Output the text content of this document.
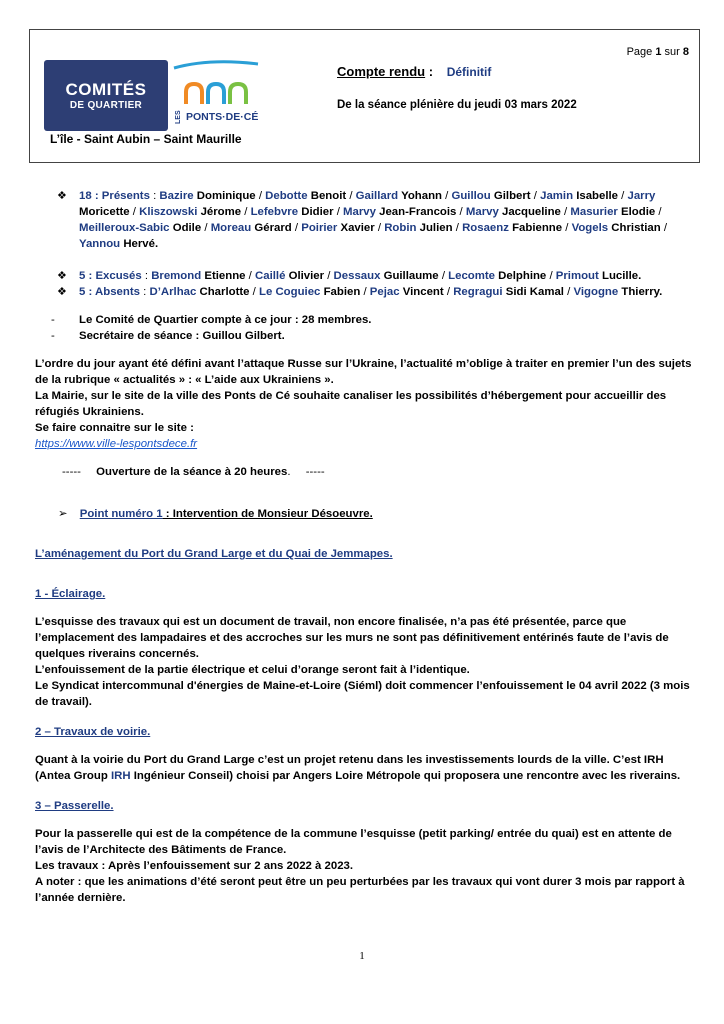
Page 1 sur 8
COMITÉS
DE QUARTIER
LES PONTS·DE·CÉ
L’île - Saint Aubin – Saint Maurille
Compte rendu : Définitif
De la séance plénière du jeudi 03 mars 2022
❖ 18 : Présents : Bazire Dominique / Debotte Benoit / Gaillard Yohann / Guillou Gilbert / Jamin Isabelle / Jarry Moricette / Kliszowski Jérome / Lefebvre Didier / Marvy Jean-Francois / Marvy Jacqueline / Masurier Elodie / Meilleroux-Sabic Odile / Moreau Gérard / Poirier Xavier / Robin Julien / Rosaenz Fabienne / Vogels Christian / Yannou Hervé.
❖ 5 : Excusés : Bremond Etienne / Caillé Olivier / Dessaux Guillaume / Lecomte Delphine / Primout Lucille.
❖ 5 : Absents : D’Arlhac Charlotte / Le Coguiec Fabien / Pejac Vincent / Regragui Sidi Kamal / Vigogne Thierry.
- Le Comité de Quartier compte à ce jour : 28 membres.
- Secrétaire de séance : Guillou Gilbert.
L’ordre du jour ayant été défini avant l’attaque Russe sur l’Ukraine, l’actualité m’oblige à traiter en premier l’un des sujets de la rubrique « actualités » : « L’aide aux Ukrainiens ».
La Mairie, sur le site de la ville des Ponts de Cé souhaite canaliser les possibilités d’hébergement pour accueillir des réfugiés Ukrainiens.
Se faire connaitre sur le site :
https://www.ville-lespontsdece.fr
----- Ouverture de la séance à 20 heures. -----
➢ Point numéro 1 : Intervention de Monsieur Désoeuvre.
L’aménagement du Port du Grand Large et du Quai de Jemmapes.
1 - Éclairage.
L’esquisse des travaux qui est un document de travail, non encore finalisée, n’a pas été présentée, parce que l’emplacement des lampadaires et des accroches sur les murs ne sont pas définitivement entérinés faute de l’avis de quelques riverains concernés.
L’enfouissement de la partie électrique et celui d’orange seront fait à l’identique.
Le Syndicat intercommunal d'énergies de Maine-et-Loire (Siéml) doit commencer l’enfouissement le 04 avril 2022 (3 mois de travail).
2 – Travaux de voirie.
Quant à la voirie du Port du Grand Large c’est un projet retenu dans les investissements lourds de la ville. C’est IRH (Antea Group IRH Ingénieur Conseil) choisi par Angers Loire Métropole qui proposera une rencontre avec les riverains.
3 – Passerelle.
Pour la passerelle qui est de la compétence de la commune l’esquisse (petit parking/ entrée du quai) est en attente de l’avis de l’Architecte des Bâtiments de France.
Les travaux : Après l’enfouissement sur 2 ans 2022 à 2023.
A noter : que les animations d’été seront peut être un peu perturbées par les travaux qui vont durer 3 mois par rapport à l’année dernière.
1
